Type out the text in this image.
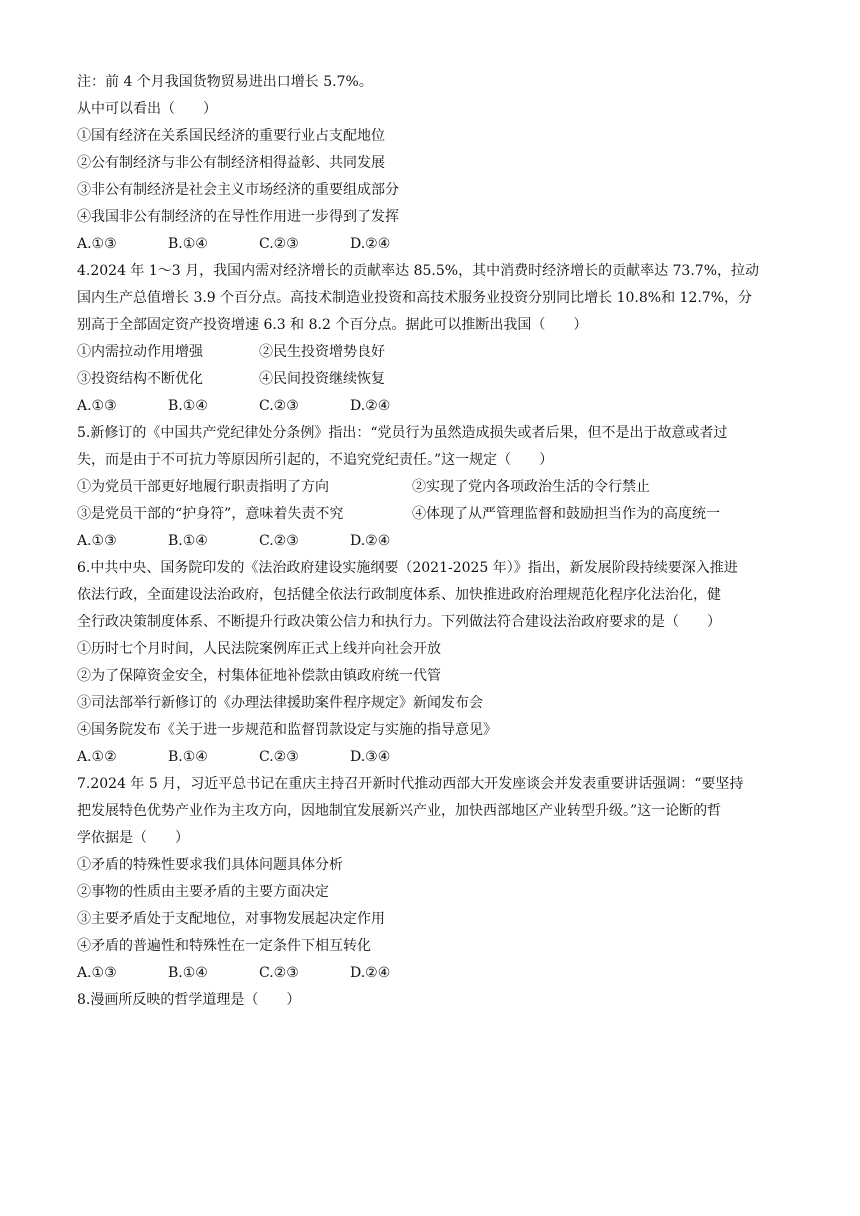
注：前 4 个月我国货物贸易进出口增长 5.7%。
从中可以看出（　　）
①国有经济在关系国民经济的重要行业占支配地位
②公有制经济与非公有制经济相得益彰、共同发展
③非公有制经济是社会主义市场经济的重要组成部分
④我国非公有制经济的在导性作用进一步得到了发挥
A.①③	B.①④	C.②③	D.②④
4.2024 年 1～3 月，我国内需对经济增长的贡献率达 85.5%，其中消费时经济增长的贡献率达 73.7%，拉动
国内生产总值增长 3.9 个百分点。高技术制造业投资和高技术服务业投资分别同比增长 10.8%和 12.7%，分
别高于全部固定资产投资增速 6.3 和 8.2 个百分点。据此可以推断出我国（　　）
①内需拉动作用增强	②民生投资增势良好
③投资结构不断优化	④民间投资继续恢复
A.①③	B.①④	C.②③	D.②④
5.新修订的《中国共产党纪律处分条例》指出：“党员行为虽然造成损失或者后果，但不是出于故意或者过
失，而是由于不可抗力等原因所引起的，不追究党纪责任。”这一规定（　　）
①为党员干部更好地履行职责指明了方向	②实现了党内各项政治生活的令行禁止
③是党员干部的“护身符”，意味着失责不究	④体现了从严管理监督和鼓励担当作为的高度统一
A.①③	B.①④	C.②③	D.②④
6.中共中央、国务院印发的《法治政府建设实施纲要（2021-2025 年）》指出，新发展阶段持续要深入推进
依法行政，全面建设法治政府，包括健全依法行政制度体系、加快推进政府治理规范化程序化法治化，健
全行政决策制度体系、不断提升行政决策公信力和执行力。下列做法符合建设法治政府要求的是（　　）
①历时七个月时间，人民法院案例库正式上线并向社会开放
②为了保障资金安全，村集体征地补偿款由镇政府统一代管
③司法部举行新修订的《办理法律援助案件程序规定》新闻发布会
④国务院发布《关于进一步规范和监督罚款设定与实施的指导意见》
A.①②	B.①④	C.②③	D.③④
7.2024 年 5 月，习近平总书记在重庆主持召开新时代推动西部大开发座谈会并发表重要讲话强调：“要坚持
把发展特色优势产业作为主攻方向，因地制宜发展新兴产业，加快西部地区产业转型升级。”这一论断的哲
学依据是（　　）
①矛盾的特殊性要求我们具体问题具体分析
②事物的性质由主要矛盾的主要方面决定
③主要矛盾处于支配地位，对事物发展起决定作用
④矛盾的普遍性和特殊性在一定条件下相互转化
A.①③	B.①④	C.②③	D.②④
8.漫画所反映的哲学道理是（　　）
